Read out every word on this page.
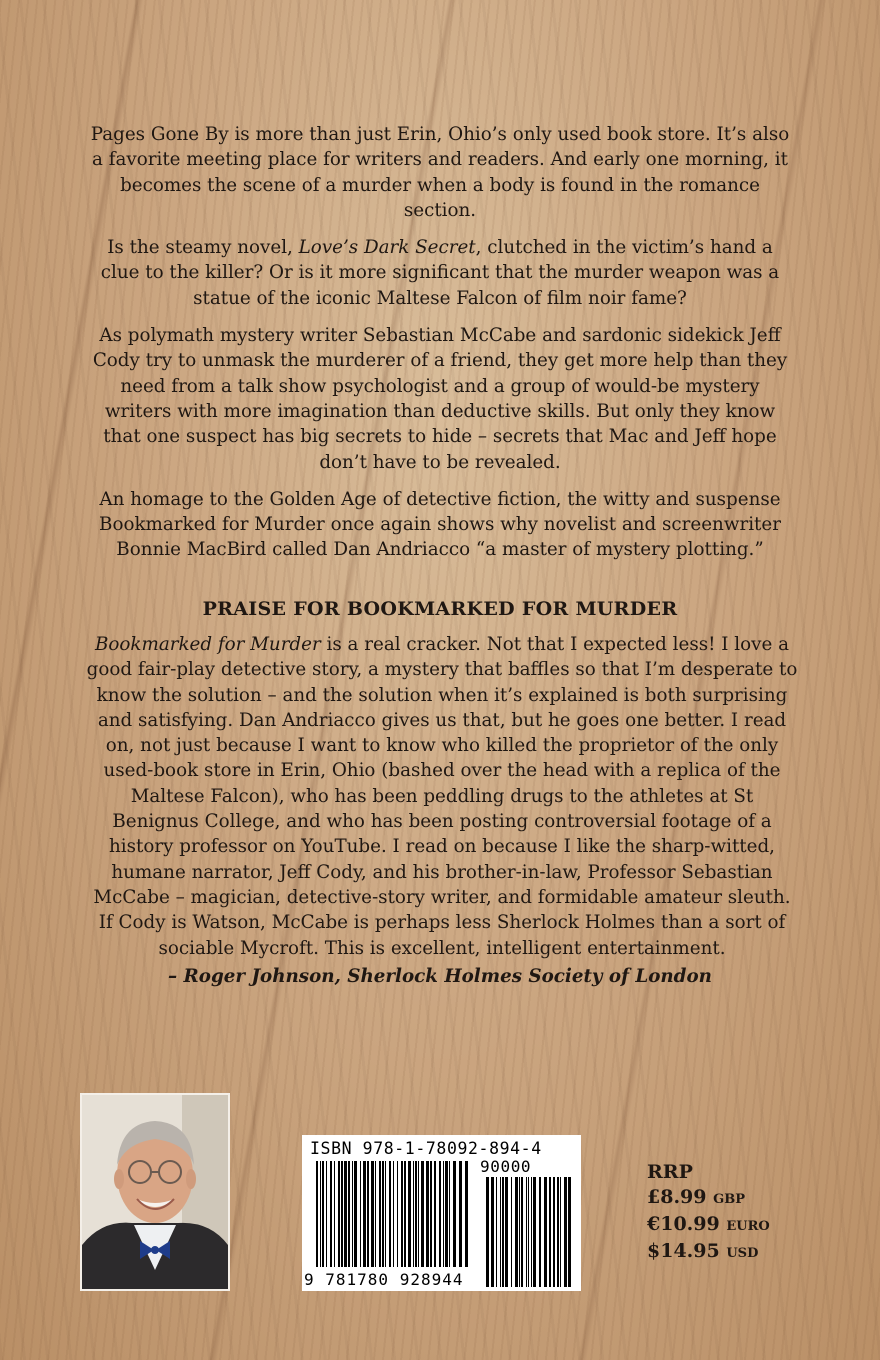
Pages Gone By is more than just Erin, Ohio’s only used book store. It’s also a favorite meeting place for writers and readers. And early one morning, it becomes the scene of a murder when a body is found in the romance section.

Is the steamy novel, Love’s Dark Secret, clutched in the victim’s hand a clue to the killer? Or is it more significant that the murder weapon was a statue of the iconic Maltese Falcon of film noir fame?

As polymath mystery writer Sebastian McCabe and sardonic sidekick Jeff Cody try to unmask the murderer of a friend, they get more help than they need from a talk show psychologist and a group of would-be mystery writers with more imagination than deductive skills. But only they know that one suspect has big secrets to hide – secrets that Mac and Jeff hope don’t have to be revealed.

An homage to the Golden Age of detective fiction, the witty and suspense Bookmarked for Murder once again shows why novelist and screenwriter Bonnie MacBird called Dan Andriacco “a master of mystery plotting.”

PRAISE FOR BOOKMARKED FOR MURDER

Bookmarked for Murder is a real cracker. Not that I expected less! I love a good fair-play detective story, a mystery that baffles so that I’m desperate to know the solution – and the solution when it’s explained is both surprising and satisfying. Dan Andriacco gives us that, but he goes one better. I read on, not just because I want to know who killed the proprietor of the only used-book store in Erin, Ohio (bashed over the head with a replica of the Maltese Falcon), who has been peddling drugs to the athletes at St Benignus College, and who has been posting controversial footage of a history professor on YouTube. I read on because I like the sharp-witted, humane narrator, Jeff Cody, and his brother-in-law, Professor Sebastian McCabe – magician, detective-story writer, and formidable amateur sleuth. If Cody is Watson, McCabe is perhaps less Sherlock Holmes than a sort of sociable Mycroft. This is excellent, intelligent entertainment.

– Roger Johnson, Sherlock Holmes Society of London

ISBN 978-1-78092-894-4
90000
9 781780 928944
RRP
£8.99 GBP
€10.99 EURO
$14.95 USD
